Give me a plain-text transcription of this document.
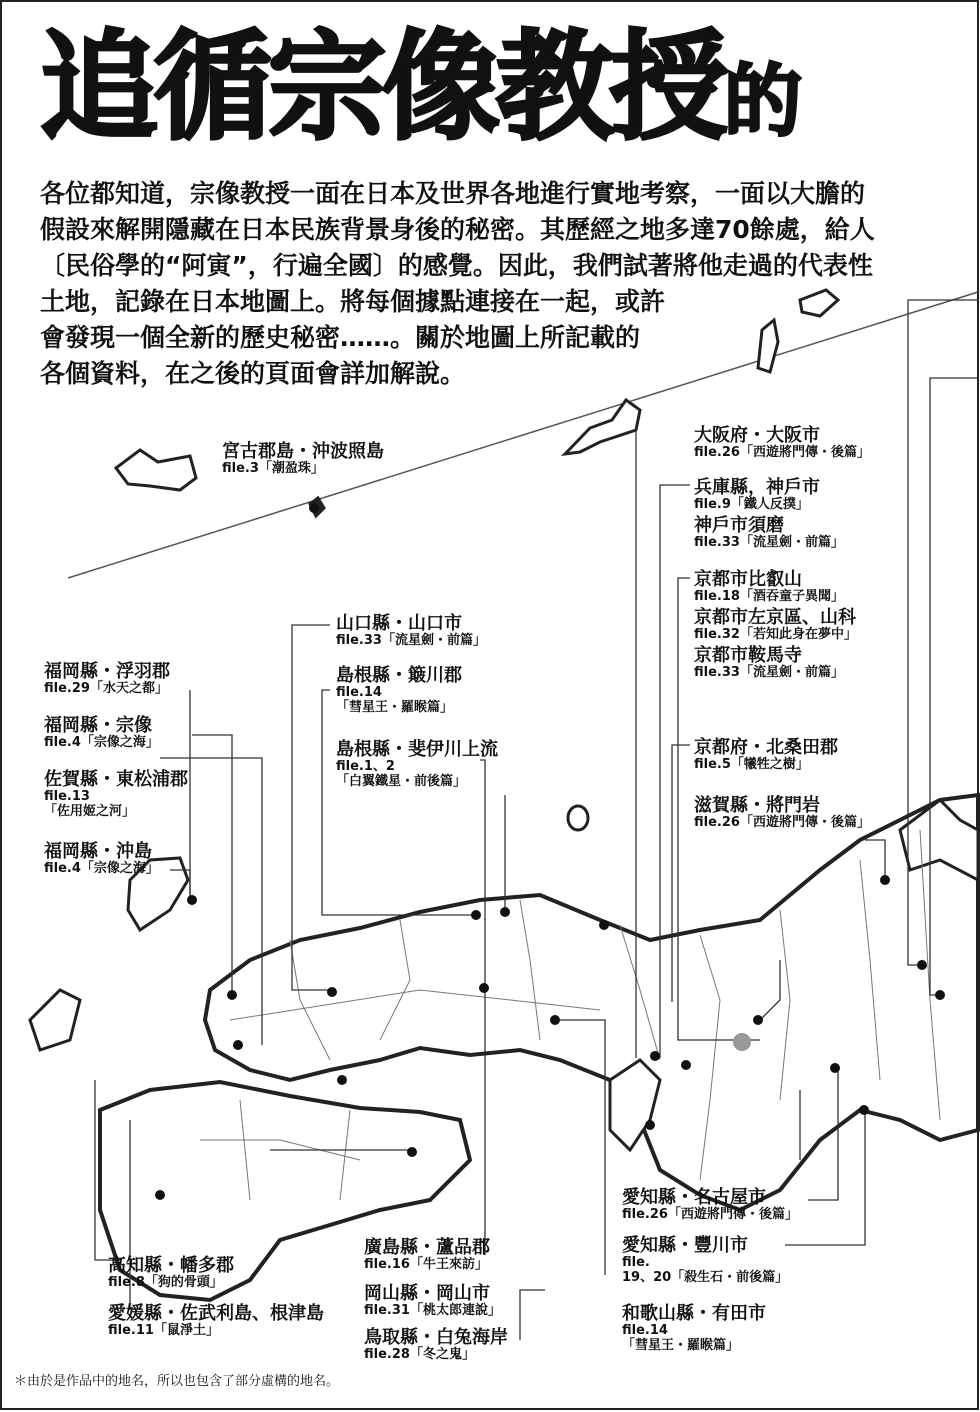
追循宗像教授的
各位都知道，宗像教授一面在日本及世界各地進行實地考察，一面以大膽的
假設來解開隱藏在日本民族背景身後的秘密。其歷經之地多達70餘處，給人
〔民俗學的“阿寅”，行遍全國〕的感覺。因此，我們試著將他走過的代表性
土地，記錄在日本地圖上。將每個據點連接在一起，或許
會發現一個全新的歷史秘密……。關於地圖上所記載的
各個資料，在之後的頁面會詳加解說。
宮古郡島・沖波照島
file.3「潮盈珠」
福岡縣・浮羽郡
file.29「水天之都」
福岡縣・宗像
file.4「宗像之海」
佐賀縣・東松浦郡
file.13
「佐用姬之河」
福岡縣・沖島
file.4「宗像之海」
山口縣・山口市
file.33「流星劍・前篇」
島根縣・簸川郡
file.14
「彗星王・羅睺篇」
島根縣・斐伊川上流
file.1、2
「白翼鐵星・前後篇」
大阪府・大阪市
file.26「西遊將門傳・後篇」
兵庫縣，神戶市
file.9「鐵人反撲」
神戶市須磨
file.33「流星劍・前篇」
京都市比叡山
file.18「酒吞童子異聞」
京都市左京區、山科
file.32「若知此身在夢中」
京都市鞍馬寺
file.33「流星劍・前篇」
京都府・北桑田郡
file.5「犧牲之樹」
滋賀縣・將門岩
file.26「西遊將門傳・後篇」
高知縣・幡多郡
file.8「狗的骨頭」
愛媛縣・佐武利島、根津島
file.11「鼠淨土」
廣島縣・蘆品郡
file.16「牛王來訪」
岡山縣・岡山市
file.31「桃太郎連說」
鳥取縣・白兔海岸
file.28「冬之鬼」
愛知縣・名古屋市
file.26「西遊將門傳・後篇」
愛知縣・豐川市
file.
19、20「殺生石・前後篇」
和歌山縣・有田市
file.14
「彗星王・羅睺篇」
＊由於是作品中的地名，所以也包含了部分虛構的地名。
